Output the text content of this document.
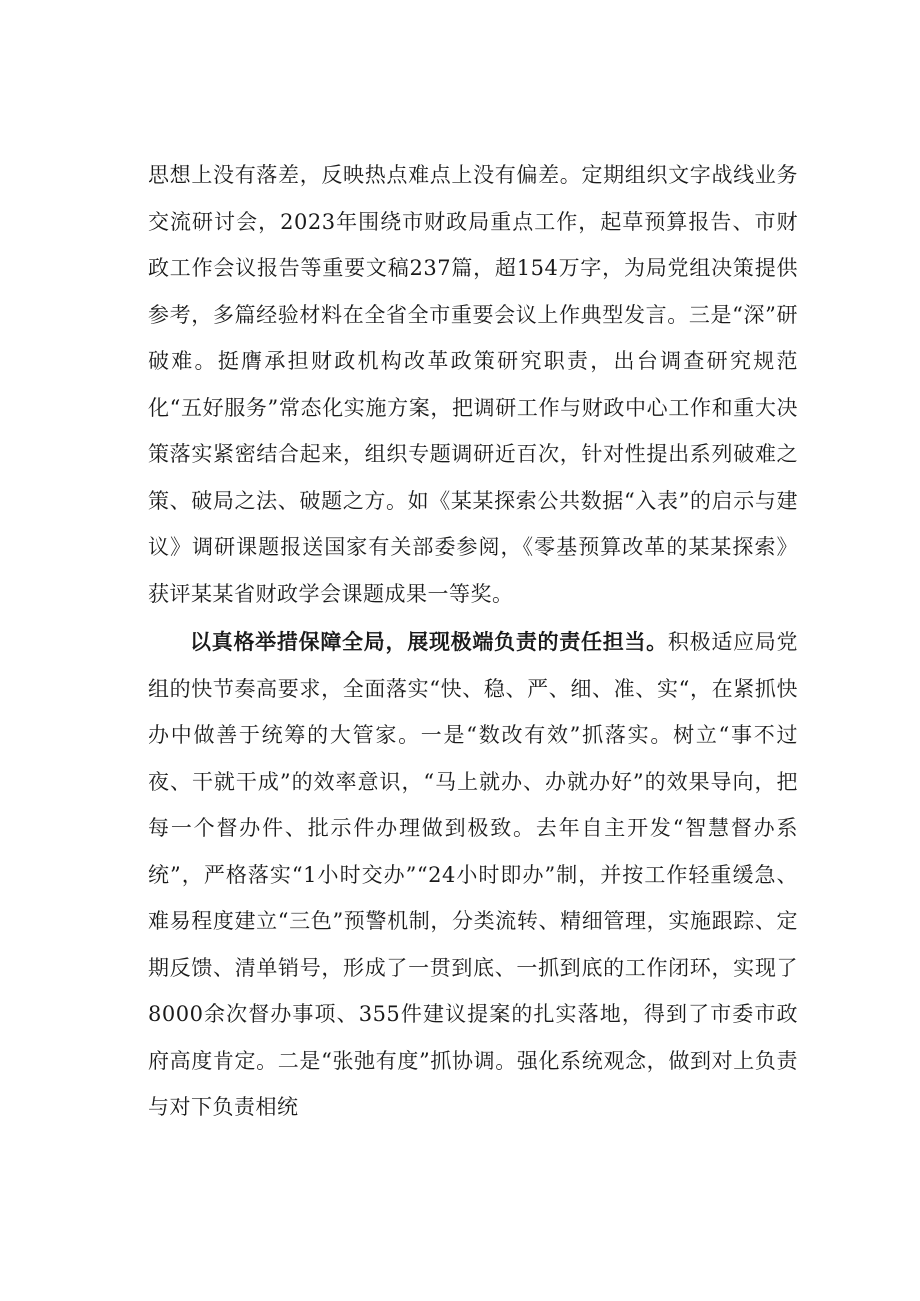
思想上没有落差，反映热点难点上没有偏差。定期组织文字战线业务交流研讨会，2023年围绕市财政局重点工作，起草预算报告、市财政工作会议报告等重要文稿237篇，超154万字，为局党组决策提供参考，多篇经验材料在全省全市重要会议上作典型发言。三是“深”研破难。挺膺承担财政机构改革政策研究职责，出台调查研究规范化“五好服务”常态化实施方案，把调研工作与财政中心工作和重大决策落实紧密结合起来，组织专题调研近百次，针对性提出系列破难之策、破局之法、破题之方。如《某某探索公共数据“入表”的启示与建议》调研课题报送国家有关部委参阅，《零基预算改革的某某探索》获评某某省财政学会课题成果一等奖。

以真格举措保障全局，展现极端负责的责任担当。积极适应局党组的快节奏高要求，全面落实“快、稳、严、细、准、实“，在紧抓快办中做善于统筹的大管家。一是“数改有效”抓落实。树立“事不过夜、干就干成”的效率意识，“马上就办、办就办好”的效果导向，把每一个督办件、批示件办理做到极致。去年自主开发“智慧督办系统”，严格落实“1小时交办”“24小时即办”制，并按工作轻重缓急、难易程度建立“三色”预警机制，分类流转、精细管理，实施跟踪、定期反馈、清单销号，形成了一贯到底、一抓到底的工作闭环，实现了8000余次督办事项、355件建议提案的扎实落地，得到了市委市政府高度肯定。二是“张弛有度”抓协调。强化系统观念，做到对上负责与对下负责相统
